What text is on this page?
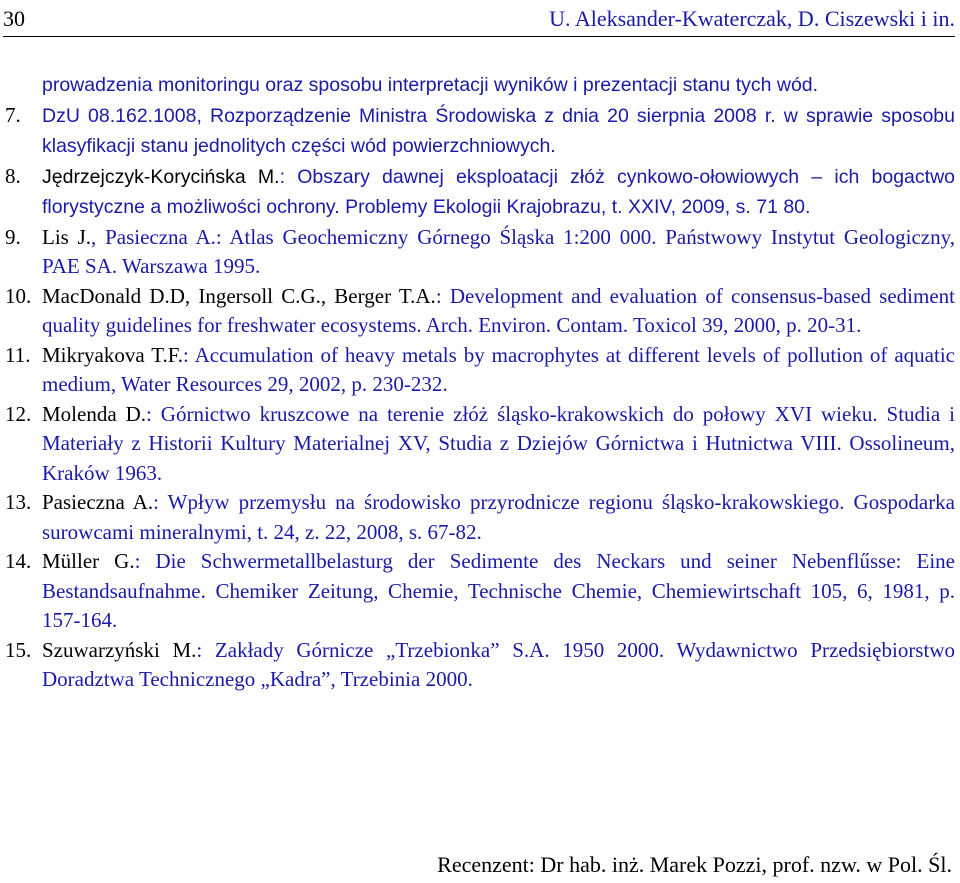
30	U. Aleksander-Kwaterczak, D. Ciszewski i in.
prowadzenia monitoringu oraz sposobu interpretacji wyników i prezentacji stanu tych wód.
7. DzU 08.162.1008, Rozporządzenie Ministra Środowiska z dnia 20 sierpnia 2008 r. w sprawie sposobu klasyfikacji stanu jednolitych części wód powierzchniowych.
8. Jędrzejczyk-Korycińska M.: Obszary dawnej eksploatacji złóż cynkowo-ołowiowych – ich bogactwo florystyczne a możliwości ochrony. Problemy Ekologii Krajobrazu, t. XXIV, 2009, s. 71 80.
9. Lis J., Pasieczna A.: Atlas Geochemiczny Górnego Śląska 1:200 000. Państwowy Instytut Geologiczny, PAE SA. Warszawa 1995.
10. MacDonald D.D, Ingersoll C.G., Berger T.A.: Development and evaluation of consensus-based sediment quality guidelines for freshwater ecosystems. Arch. Environ. Contam. Toxicol 39, 2000, p. 20-31.
11. Mikryakova T.F.: Accumulation of heavy metals by macrophytes at different levels of pollution of aquatic medium, Water Resources 29, 2002, p. 230-232.
12. Molenda D.: Górnictwo kruszcowe na terenie złóż śląsko-krakowskich do połowy XVI wieku. Studia i Materiały z Historii Kultury Materialnej XV, Studia z Dziejów Górnictwa i Hutnictwa VIII. Ossolineum, Kraków 1963.
13. Pasieczna A.: Wpływ przemysłu na środowisko przyrodnicze regionu śląsko-krakowskiego. Gospodarka surowcami mineralnymi, t. 24, z. 22, 2008, s. 67-82.
14. Müller G.: Die Schwermetallbelasturg der Sedimente des Neckars und seiner Nebenflűsse: Eine Bestandsaufnahme. Chemiker Zeitung, Chemie, Technische Chemie, Chemiewirtschaft 105, 6, 1981, p. 157-164.
15. Szuwarzyński M.: Zakłady Górnicze „Trzebionka” S.A. 1950 2000. Wydawnictwo Przedsiębiorstwo Doradztwa Technicznego „Kadra”, Trzebinia 2000.
Recenzent: Dr hab. inż. Marek Pozzi, prof. nzw. w Pol. Śl.
